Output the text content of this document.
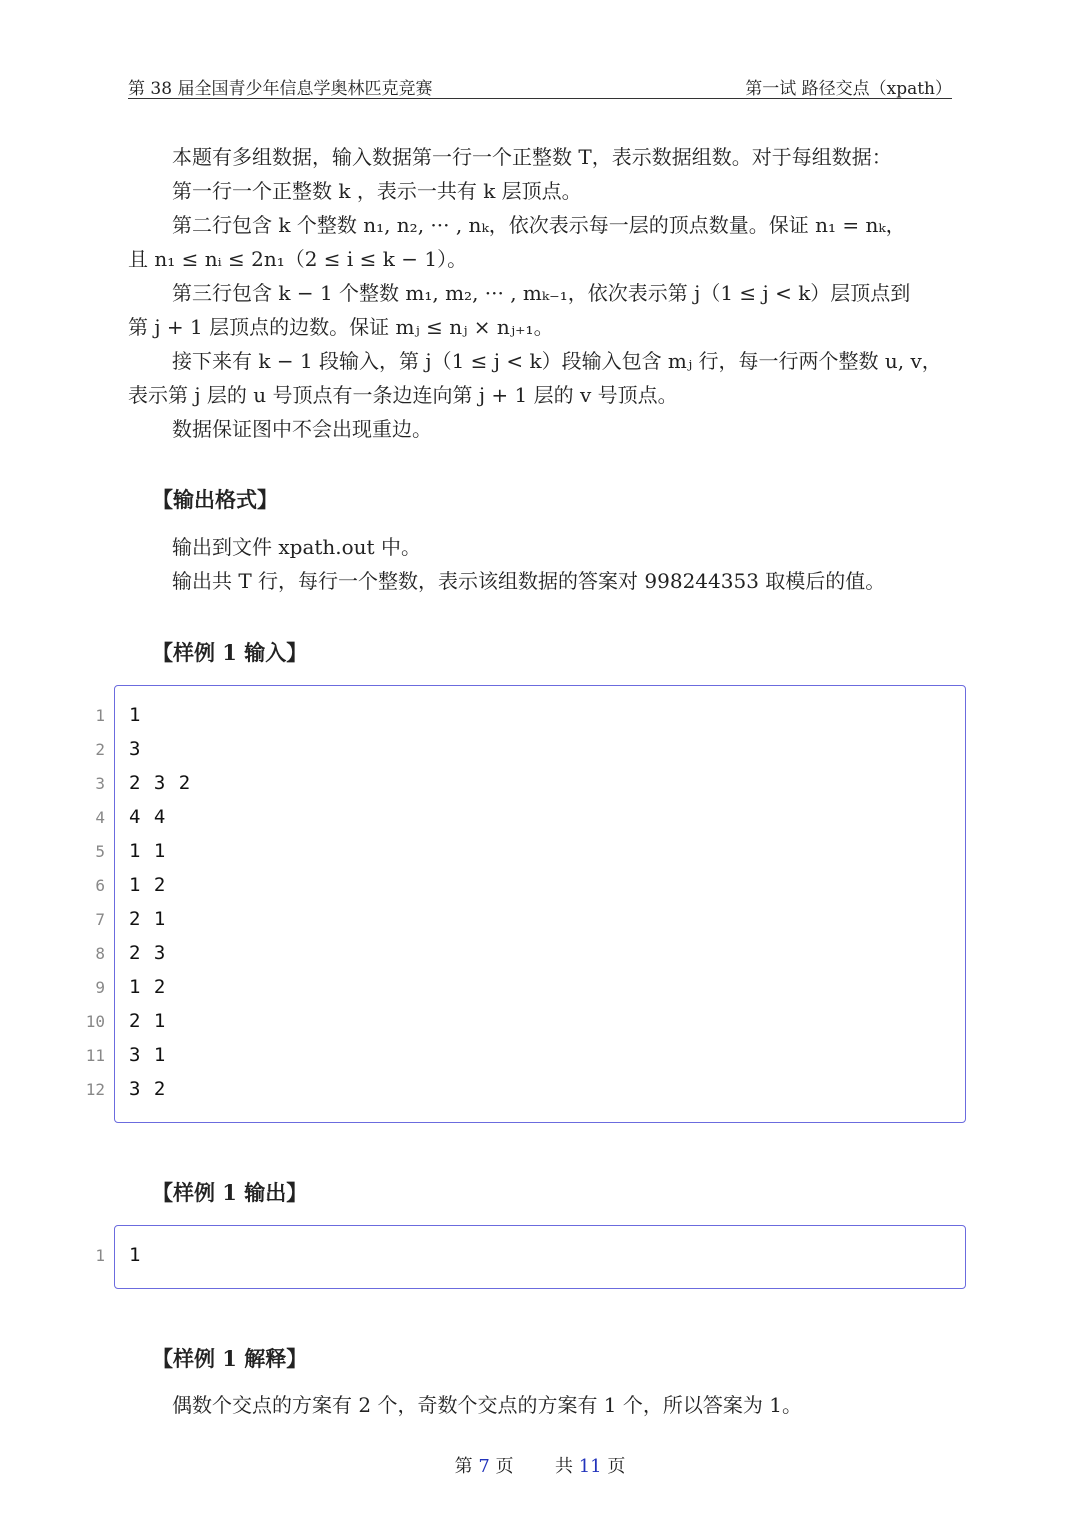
第 38 届全国青少年信息学奥林匹克竞赛	第一试 路径交点（xpath）
本题有多组数据，输入数据第一行一个正整数 T，表示数据组数。对于每组数据：
第一行一个正整数 k ，表示一共有 k 层顶点。
第二行包含 k 个整数 n₁, n₂, ··· , nₖ，依次表示每一层的顶点数量。保证 n₁ = nₖ，
且 n₁ ≤ nᵢ ≤ 2n₁（2 ≤ i ≤ k − 1）。
第三行包含 k − 1 个整数 m₁, m₂, ··· , mₖ₋₁，依次表示第 j（1 ≤ j < k）层顶点到
第 j + 1 层顶点的边数。保证 mⱼ ≤ nⱼ × nⱼ₊₁。
接下来有 k − 1 段输入，第 j（1 ≤ j < k）段输入包含 mⱼ 行，每一行两个整数 u, v，
表示第 j 层的 u 号顶点有一条边连向第 j + 1 层的 v 号顶点。
数据保证图中不会出现重边。
【输出格式】
输出到文件 xpath.out 中。
输出共 T 行，每行一个整数，表示该组数据的答案对 998244353 取模后的值。
【样例 1 输入】
1 1
2 3
3 2 3 2
4 4 4
5 1 1
6 1 2
7 2 1
8 2 3
9 1 2
10 2 1
11 3 1
12 3 2
【样例 1 输出】
1 1
【样例 1 解释】
偶数个交点的方案有 2 个，奇数个交点的方案有 1 个，所以答案为 1。
第 7 页 共 11 页
